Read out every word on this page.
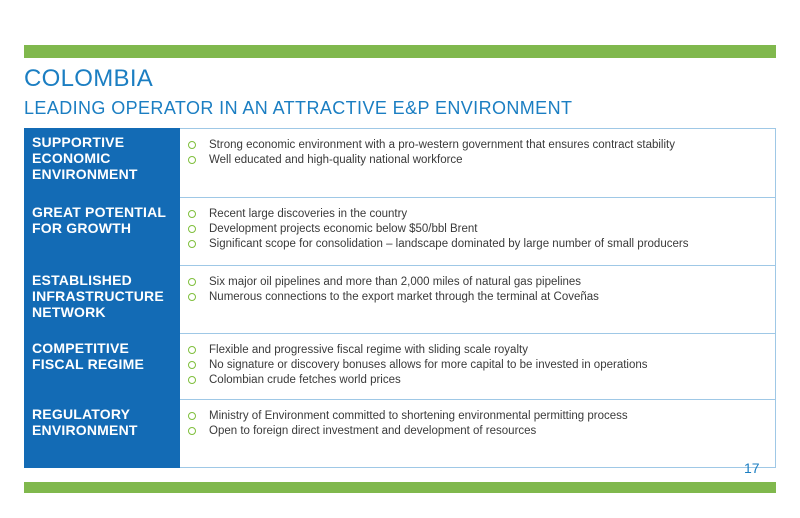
COLOMBIA
LEADING OPERATOR IN AN ATTRACTIVE E&P ENVIRONMENT
SUPPORTIVE ECONOMIC ENVIRONMENT
Strong economic environment with a pro-western government that ensures contract stability
Well educated and high-quality national workforce
GREAT POTENTIAL FOR GROWTH
Recent large discoveries in the country
Development projects economic below $50/bbl Brent
Significant scope for consolidation – landscape dominated by large number of small producers
ESTABLISHED INFRASTRUCTURE NETWORK
Six major oil pipelines and more than 2,000 miles of natural gas pipelines
Numerous connections to the export market through the terminal at Coveñas
COMPETITIVE FISCAL REGIME
Flexible and progressive fiscal regime with sliding scale royalty
No signature or discovery bonuses allows for more capital to be invested in operations
Colombian crude fetches world prices
REGULATORY ENVIRONMENT
Ministry of Environment committed to shortening environmental permitting process
Open to foreign direct investment and development of resources
17
